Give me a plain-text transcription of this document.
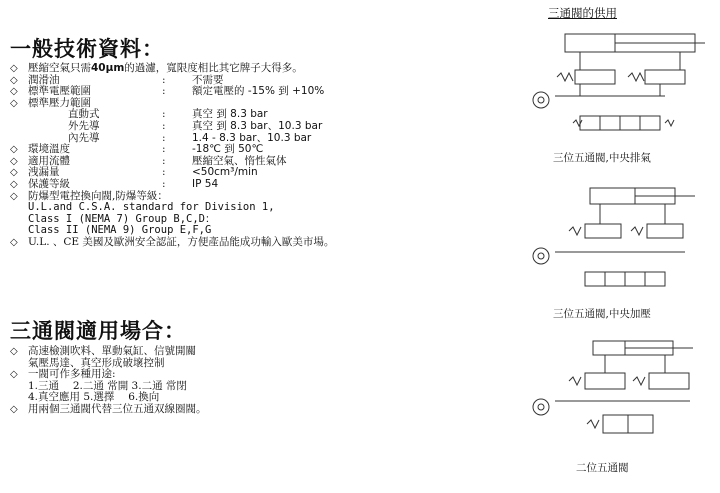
一般技術資料：
◇ 壓縮空氣只需 40μm 的過濾，寬限度相比其它牌子大得多。
◇ 潤滑油	:	不需要
◇ 標準電壓範圍	:	額定電壓的 -15% 到 +10%
◇ 標準壓力範圍
直動式	:	真空 到 8.3 bar
外先導	:	真空 到 8.3 bar、10.3 bar
內先導	:	1.4 - 8.3 bar、10.3 bar
◇ 環境溫度	:	-18℃ 到 50℃
◇ 適用流體	:	壓縮空氣、惰性氣体
◇ 洩漏量	:	<50cm³/min
◇ 保護等級	:	IP 54
◇ 防爆型電控換向閥,防爆等級：
U.L.and C.S.A. standard for Division 1,
Class I (NEMA 7) Group B,C,D：
Class II (NEMA 9) Group E,F,G
◇ U.L. 、CE 美國及歐洲安全認証，方便產品能成功輸入歐美市場。
三通閥適用場合：
◇ 高速檢測吹料、單動氣缸、信號開關
氣壓馬達、真空形成破壞控制
◇ 一閥可作多種用途:
1.三通　 2.二通 常開 3.二通 常閉
4.真空應用 5.選擇　 6.換向
◇ 用兩個三通閥代替三位五通双線圈閥。
三通閥的供用
三位五通閥,中央排氣
三位五通閥,中央加壓
二位五通閥
